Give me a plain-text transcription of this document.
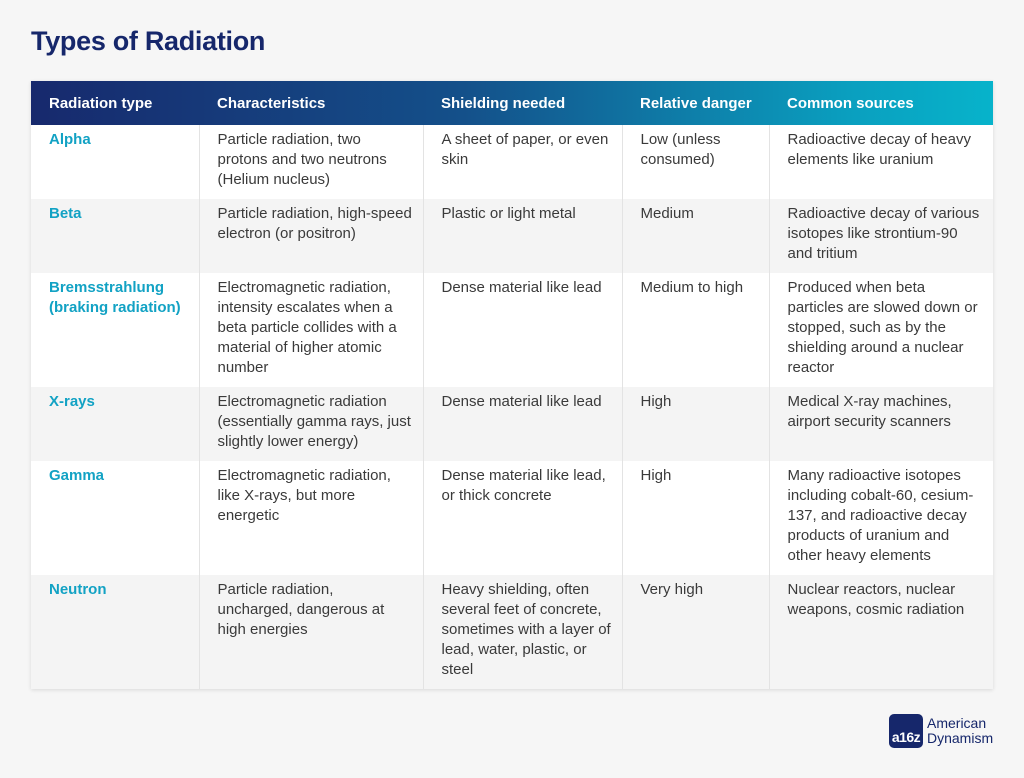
Types of Radiation
Radiation type	Characteristics	Shielding needed	Relative danger	Common sources
Alpha	Particle radiation, two protons and two neutrons (Helium nucleus)	A sheet of paper, or even skin	Low (unless consumed)	Radioactive decay of heavy elements like uranium
Beta	Particle radiation, high-speed electron (or positron)	Plastic or light metal	Medium	Radioactive decay of various isotopes like strontium-90 and tritium
Bremsstrahlung (braking radiation)	Electromagnetic radiation, intensity escalates when a beta particle collides with a material of higher atomic number	Dense material like lead	Medium to high	Produced when beta particles are slowed down or stopped, such as by the shielding around a nuclear reactor
X-rays	Electromagnetic radiation (essentially gamma rays, just slightly lower energy)	Dense material like lead	High	Medical X-ray machines, airport security scanners
Gamma	Electromagnetic radiation, like X-rays, but more energetic	Dense material like lead, or thick concrete	High	Many radioactive isotopes including cobalt-60, cesium-137, and radioactive decay products of uranium and other heavy elements
Neutron	Particle radiation, uncharged, dangerous at high energies	Heavy shielding, often several feet of concrete, sometimes with a layer of lead, water, plastic, or steel	Very high	Nuclear reactors, nuclear weapons, cosmic radiation
a16z
American
Dynamism
